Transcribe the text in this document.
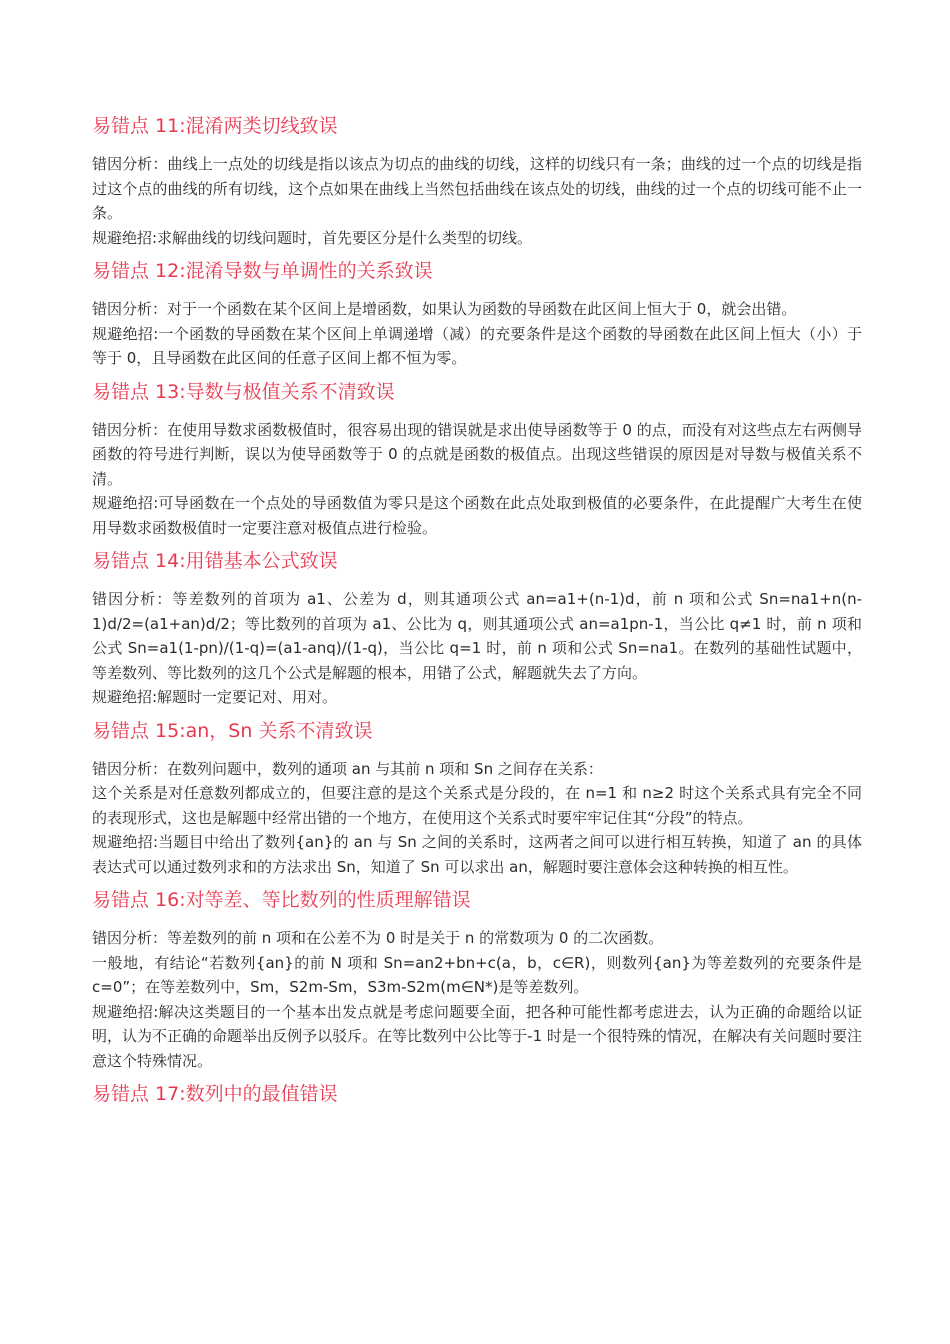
易错点 11:混淆两类切线致误

错因分析：曲线上一点处的切线是指以该点为切点的曲线的切线，这样的切线只有一条；曲线的过一个点的切线是指过这个点的曲线的所有切线，这个点如果在曲线上当然包括曲线在该点处的切线，曲线的过一个点的切线可能不止一条。

规避绝招:求解曲线的切线问题时，首先要区分是什么类型的切线。

易错点 12:混淆导数与单调性的关系致误

错因分析：对于一个函数在某个区间上是增函数，如果认为函数的导函数在此区间上恒大于 0，就会出错。

规避绝招:一个函数的导函数在某个区间上单调递增（减）的充要条件是这个函数的导函数在此区间上恒大（小）于等于 0，且导函数在此区间的任意子区间上都不恒为零。

易错点 13:导数与极值关系不清致误

错因分析：在使用导数求函数极值时，很容易出现的错误就是求出使导函数等于 0 的点，而没有对这些点左右两侧导函数的符号进行判断，误以为使导函数等于 0 的点就是函数的极值点。出现这些错误的原因是对导数与极值关系不清。

规避绝招:可导函数在一个点处的导函数值为零只是这个函数在此点处取到极值的必要条件，在此提醒广大考生在使用导数求函数极值时一定要注意对极值点进行检验。

易错点 14:用错基本公式致误

错因分析：等差数列的首项为 a1、公差为 d，则其通项公式 an=a1+(n-1)d，前 n 项和公式 Sn=na1+n(n-1)d/2=(a1+an)d/2；等比数列的首项为 a1、公比为 q，则其通项公式 an=a1pn-1，当公比 q≠1 时，前 n 项和公式 Sn=a1(1-pn)/(1-q)=(a1-anq)/(1-q)，当公比 q=1 时，前 n 项和公式 Sn=na1。在数列的基础性试题中，等差数列、等比数列的这几个公式是解题的根本，用错了公式，解题就失去了方向。

规避绝招:解题时一定要记对、用对。

易错点 15:an，Sn 关系不清致误

错因分析：在数列问题中，数列的通项 an 与其前 n 项和 Sn 之间存在关系：

这个关系是对任意数列都成立的，但要注意的是这个关系式是分段的，在 n=1 和 n≥2 时这个关系式具有完全不同的表现形式，这也是解题中经常出错的一个地方，在使用这个关系式时要牢牢记住其“分段”的特点。

规避绝招:当题目中给出了数列{an}的 an 与 Sn 之间的关系时，这两者之间可以进行相互转换，知道了 an 的具体表达式可以通过数列求和的方法求出 Sn，知道了 Sn 可以求出 an，解题时要注意体会这种转换的相互性。

易错点 16:对等差、等比数列的性质理解错误

错因分析：等差数列的前 n 项和在公差不为 0 时是关于 n 的常数项为 0 的二次函数。

一般地，有结论“若数列{an}的前 N 项和 Sn=an2+bn+c(a，b，c∈R)，则数列{an}为等差数列的充要条件是 c=0”；在等差数列中，Sm，S2m-Sm，S3m-S2m(m∈N*)是等差数列。

规避绝招:解决这类题目的一个基本出发点就是考虑问题要全面，把各种可能性都考虑进去，认为正确的命题给以证明，认为不正确的命题举出反例予以驳斥。在等比数列中公比等于-1 时是一个很特殊的情况，在解决有关问题时要注意这个特殊情况。

易错点 17:数列中的最值错误
